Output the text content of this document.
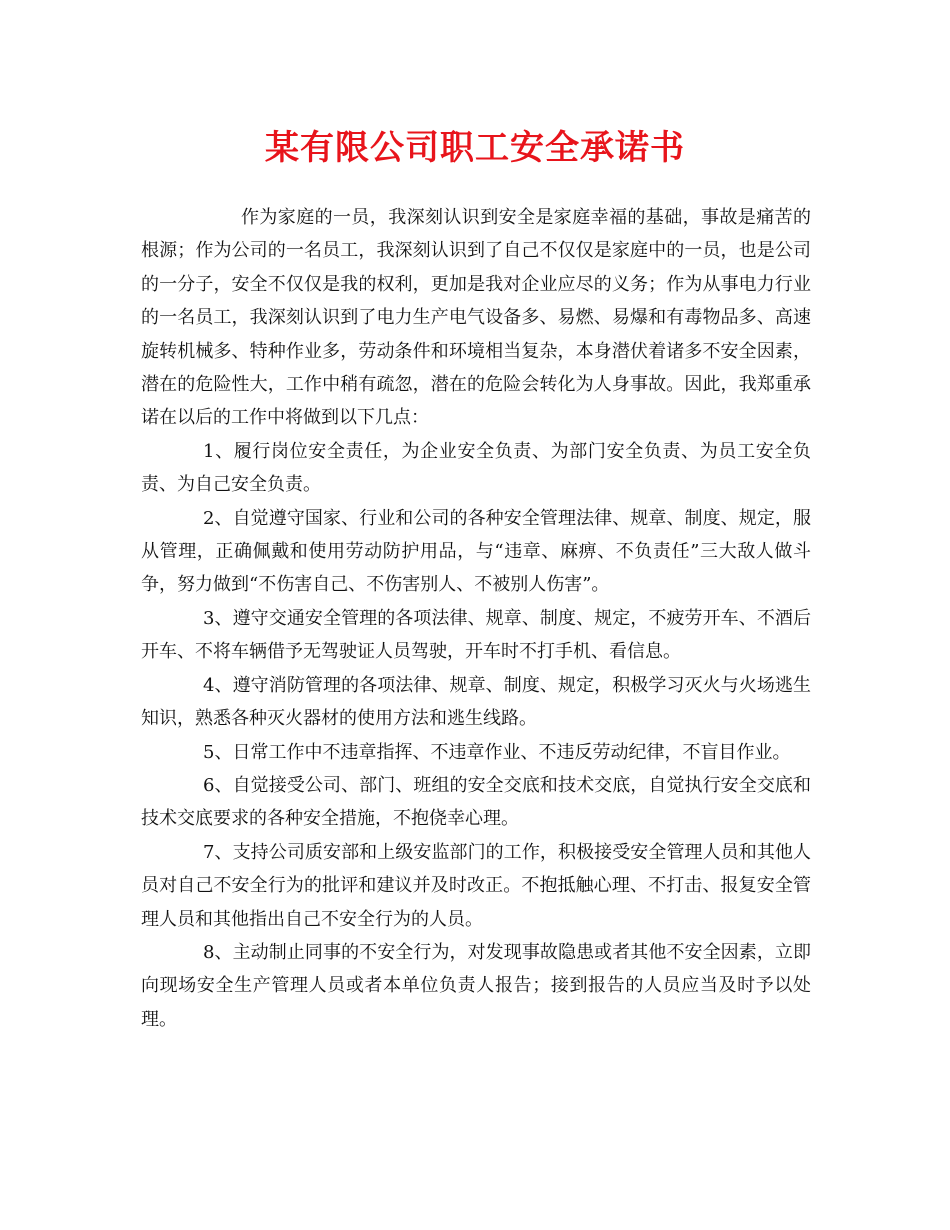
某有限公司职工安全承诺书

作为家庭的一员，我深刻认识到安全是家庭幸福的基础，事故是痛苦的根源；作为公司的一名员工，我深刻认识到了自己不仅仅是家庭中的一员，也是公司的一分子，安全不仅仅是我的权利，更加是我对企业应尽的义务；作为从事电力行业的一名员工，我深刻认识到了电力生产电气设备多、易燃、易爆和有毒物品多、高速旋转机械多、特种作业多，劳动条件和环境相当复杂，本身潜伏着诸多不安全因素，潜在的危险性大，工作中稍有疏忽，潜在的危险会转化为人身事故。因此，我郑重承诺在以后的工作中将做到以下几点：

1、履行岗位安全责任，为企业安全负责、为部门安全负责、为员工安全负责、为自己安全负责。

2、自觉遵守国家、行业和公司的各种安全管理法律、规章、制度、规定，服从管理，正确佩戴和使用劳动防护用品，与“违章、麻痹、不负责任”三大敌人做斗争，努力做到“不伤害自己、不伤害别人、不被别人伤害”。

3、遵守交通安全管理的各项法律、规章、制度、规定，不疲劳开车、不酒后开车、不将车辆借予无驾驶证人员驾驶，开车时不打手机、看信息。

4、遵守消防管理的各项法律、规章、制度、规定，积极学习灭火与火场逃生知识，熟悉各种灭火器材的使用方法和逃生线路。

5、日常工作中不违章指挥、不违章作业、不违反劳动纪律，不盲目作业。

6、自觉接受公司、部门、班组的安全交底和技术交底，自觉执行安全交底和技术交底要求的各种安全措施，不抱侥幸心理。

7、支持公司质安部和上级安监部门的工作，积极接受安全管理人员和其他人员对自己不安全行为的批评和建议并及时改正。不抱抵触心理、不打击、报复安全管理人员和其他指出自己不安全行为的人员。

8、主动制止同事的不安全行为，对发现事故隐患或者其他不安全因素，立即向现场安全生产管理人员或者本单位负责人报告；接到报告的人员应当及时予以处理。
